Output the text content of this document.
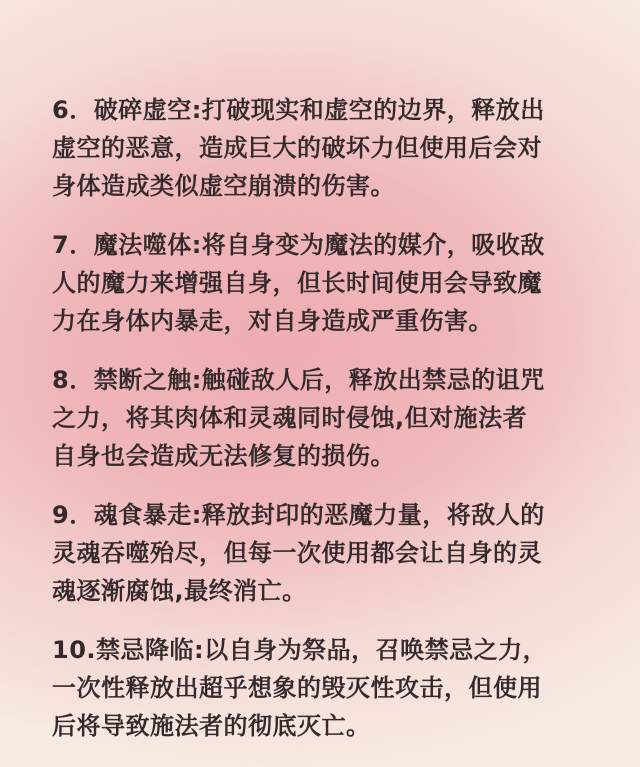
6．破碎虚空:打破现实和虚空的边界，释放出
虚空的恶意，造成巨大的破坏力但使用后会对
身体造成类似虚空崩溃的伤害。
7．魔法噬体:将自身变为魔法的媒介，吸收敌
人的魔力来增强自身，但长时间使用会导致魔
力在身体内暴走，对自身造成严重伤害。
8．禁断之触:触碰敌人后，释放出禁忌的诅咒
之力，将其肉体和灵魂同时侵蚀,但对施法者
自身也会造成无法修复的损伤。
9．魂食暴走:释放封印的恶魔力量，将敌人的
灵魂吞噬殆尽，但每一次使用都会让自身的灵
魂逐渐腐蚀,最终消亡。
10.禁忌降临:以自身为祭品，召唤禁忌之力，
一次性释放出超乎想象的毁灭性攻击，但使用
后将导致施法者的彻底灭亡。
